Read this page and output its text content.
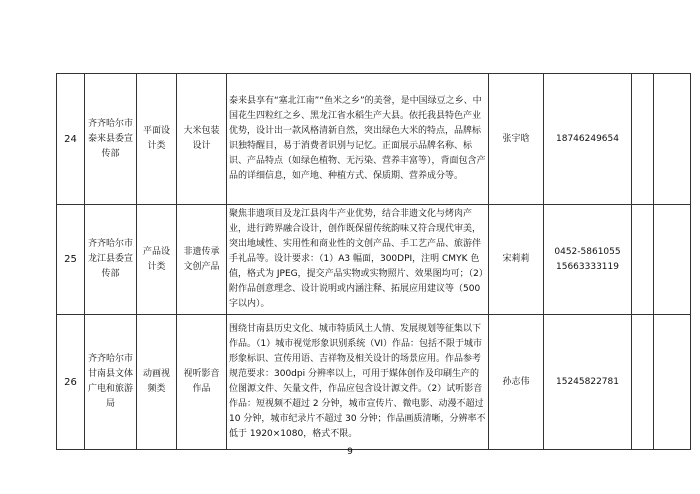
24	齐齐哈尔市泰来县委宣传部	平面设计类	大米包装设计	泰来县享有“塞北江南”“鱼米之乡”的美誉，是中国绿豆之乡、中国花生四粒红之乡、黑龙江省水稻生产大县。依托我县特色产业优势，设计出一款风格清新自然，突出绿色大米的特点，品牌标识独特醒目，易于消费者识别与记忆。正面展示品牌名称、标识、产品特点（如绿色植物、无污染、营养丰富等），背面包含产品的详细信息，如产地、种植方式、保质期、营养成分等。	张宇晗	18746249654		
25	齐齐哈尔市龙江县委宣传部	产品设计类	非遗传承文创产品	聚焦非遗项目及龙江县肉牛产业优势，结合非遗文化与烤肉产业，进行跨界融合设计，创作既保留传统韵味又符合现代审美，突出地域性、实用性和商业性的文创产品、手工艺产品、旅游伴手礼品等。设计要求：（1）A3 幅面，300DPI，注明 CMYK 色值，格式为 JPEG，提交产品实物或实物照片、效果图均可；（2）附作品创意理念、设计说明或内涵注释、拓展应用建议等（500 字以内）。	宋莉莉	0452-5861055 15663333119		
26	齐齐哈尔市甘南县文体广电和旅游局	动画视频类	视听影音作品	围绕甘南县历史文化、城市特质风土人情、发展规划等征集以下作品。（1）城市视觉形象识别系统（VI）作品：包括不限于城市形象标识、宣传用语、吉祥物及相关设计的场景应用。作品参考规范要求：300dpi 分辨率以上，可用于媒体创作及印刷生产的位图源文件、矢量文件，作品应包含设计源文件。（2）试听影音作品：短视频不超过 2 分钟，城市宣传片、微电影、动漫不超过 10 分钟，城市纪录片不超过 30 分钟；作品画质清晰，分辨率不低于 1920×1080，格式不限。	孙志伟	15245822781		
9
